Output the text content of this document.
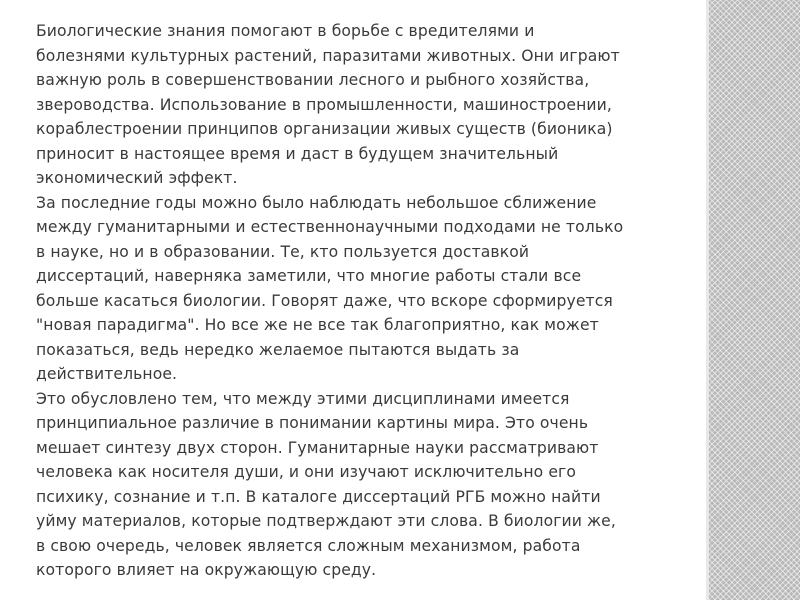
Биологические знания помогают в борьбе с вредителями и
болезнями культурных растений, паразитами животных. Они играют
важную роль в совершенствовании лесного и рыбного хозяйства,
звероводства. Использование в промышленности, машиностроении,
кораблестроении принципов организации живых существ (бионика)
приносит в настоящее время и даст в будущем значительный
экономический эффект.

За последние годы можно было наблюдать небольшое сближение
между гуманитарными и естественнонаучными подходами не только
в науке, но и в образовании. Те, кто пользуется доставкой
диссертаций, наверняка заметили, что многие работы стали все
больше касаться биологии. Говорят даже, что вскоре сформируется
"новая парадигма". Но все же не все так благоприятно, как может
показаться, ведь нередко желаемое пытаются выдать за
действительное.

Это обусловлено тем, что между этими дисциплинами имеется
принципиальное различие в понимании картины мира. Это очень
мешает синтезу двух сторон. Гуманитарные науки рассматривают
человека как носителя души, и они изучают исключительно его
психику, сознание и т.п. В каталоге диссертаций РГБ можно найти
уйму материалов, которые подтверждают эти слова. В биологии же,
в свою очередь, человек является сложным механизмом, работа
которого влияет на окружающую среду.
